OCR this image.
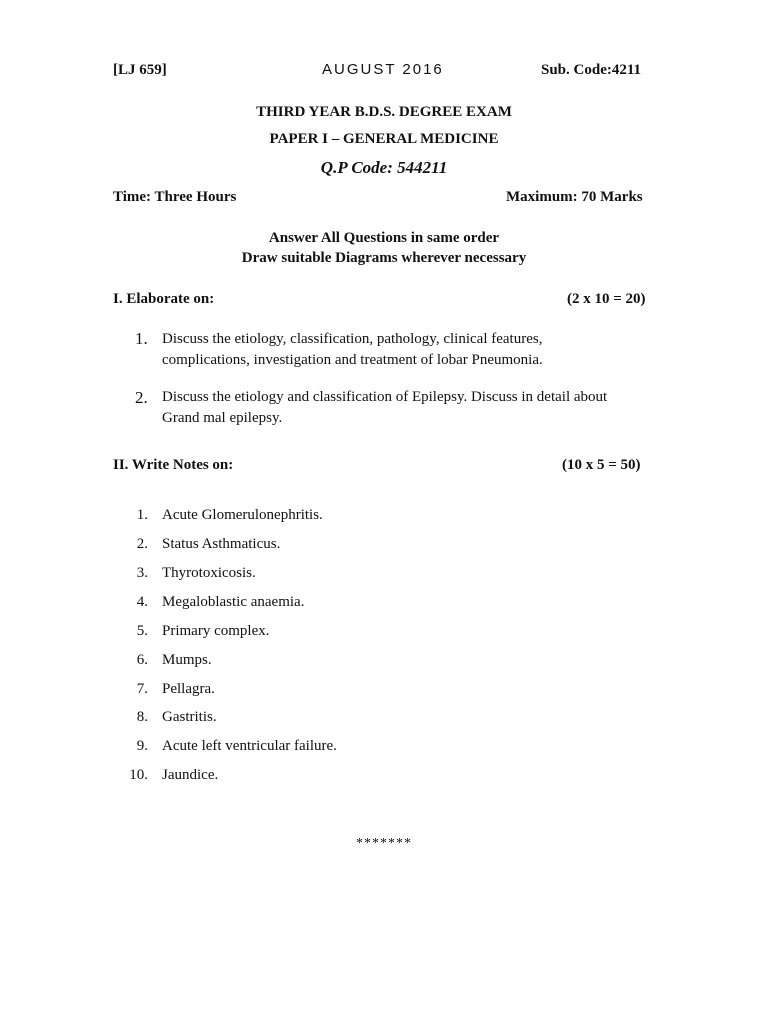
[LJ 659]	AUGUST 2016	Sub. Code:4211
THIRD YEAR B.D.S. DEGREE EXAM
PAPER I – GENERAL MEDICINE
Q.P Code: 544211
Time: Three Hours	Maximum: 70 Marks
Answer All Questions in same order
Draw suitable Diagrams wherever necessary
I. Elaborate on:	(2 x 10 = 20)
1. Discuss the etiology, classification, pathology, clinical features, complications, investigation and treatment of lobar Pneumonia.
2. Discuss the etiology and classification of Epilepsy. Discuss in detail about Grand mal epilepsy.
II. Write Notes on:	(10 x 5 = 50)
1. Acute Glomerulonephritis.
2. Status Asthmaticus.
3. Thyrotoxicosis.
4. Megaloblastic anaemia.
5. Primary complex.
6. Mumps.
7. Pellagra.
8. Gastritis.
9. Acute left ventricular failure.
10. Jaundice.
*******
